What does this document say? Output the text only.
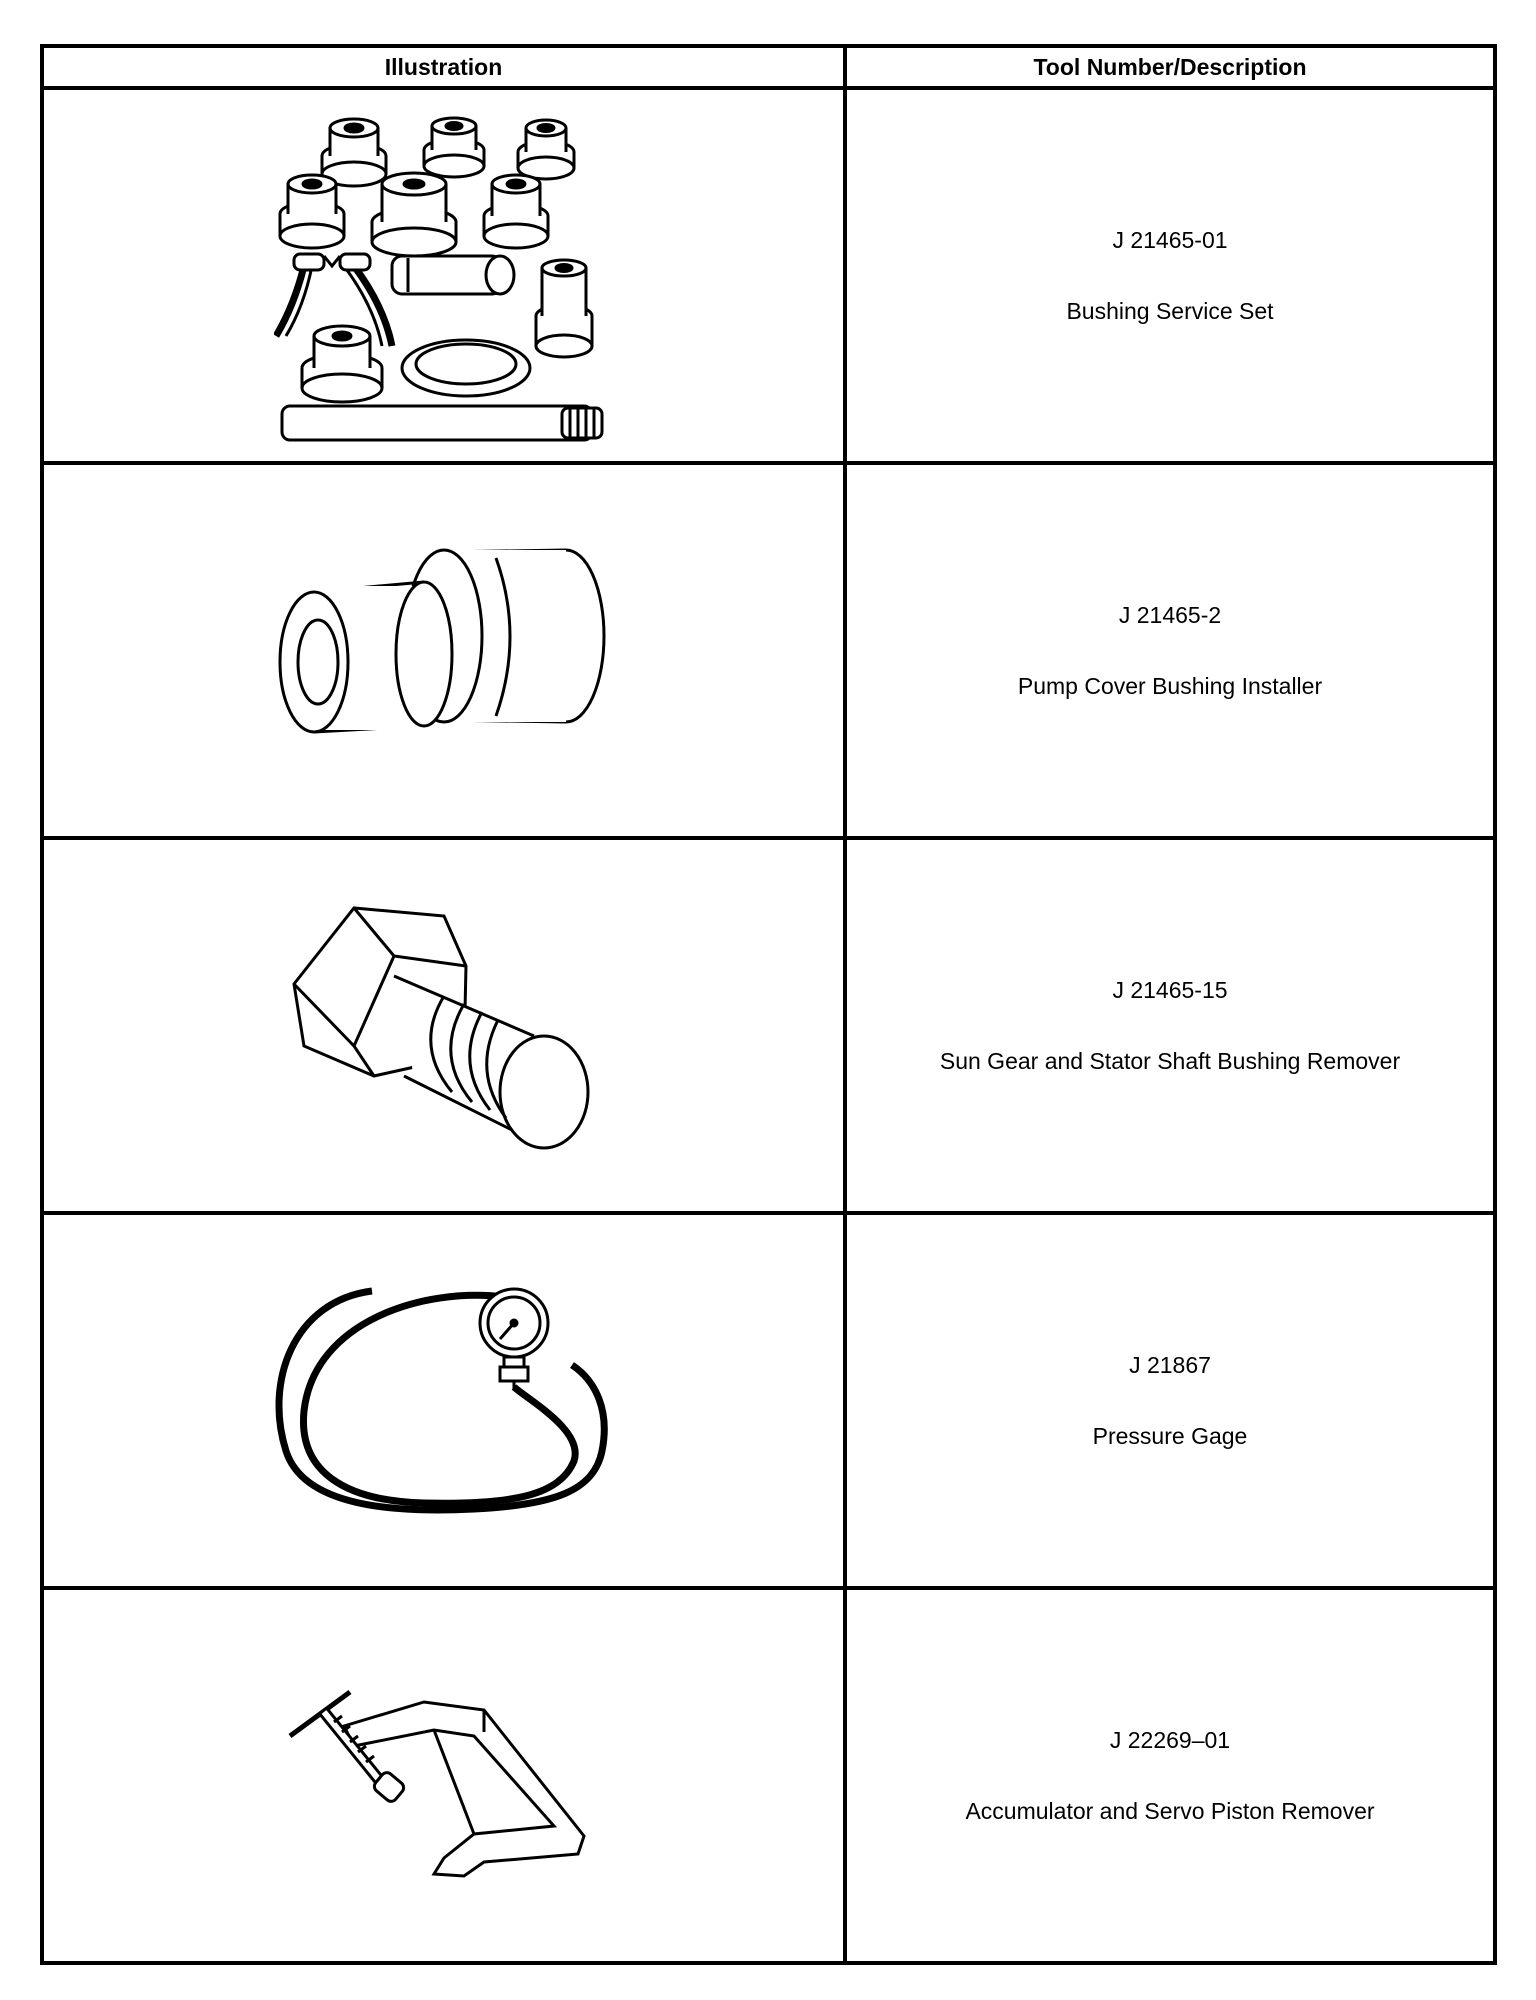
Illustration	Tool Number/Description

J 21465-01
Bushing Service Set

J 21465-2
Pump Cover Bushing Installer

J 21465-15
Sun Gear and Stator Shaft Bushing Remover

J 21867
Pressure Gage

J 22269–01
Accumulator and Servo Piston Remover
